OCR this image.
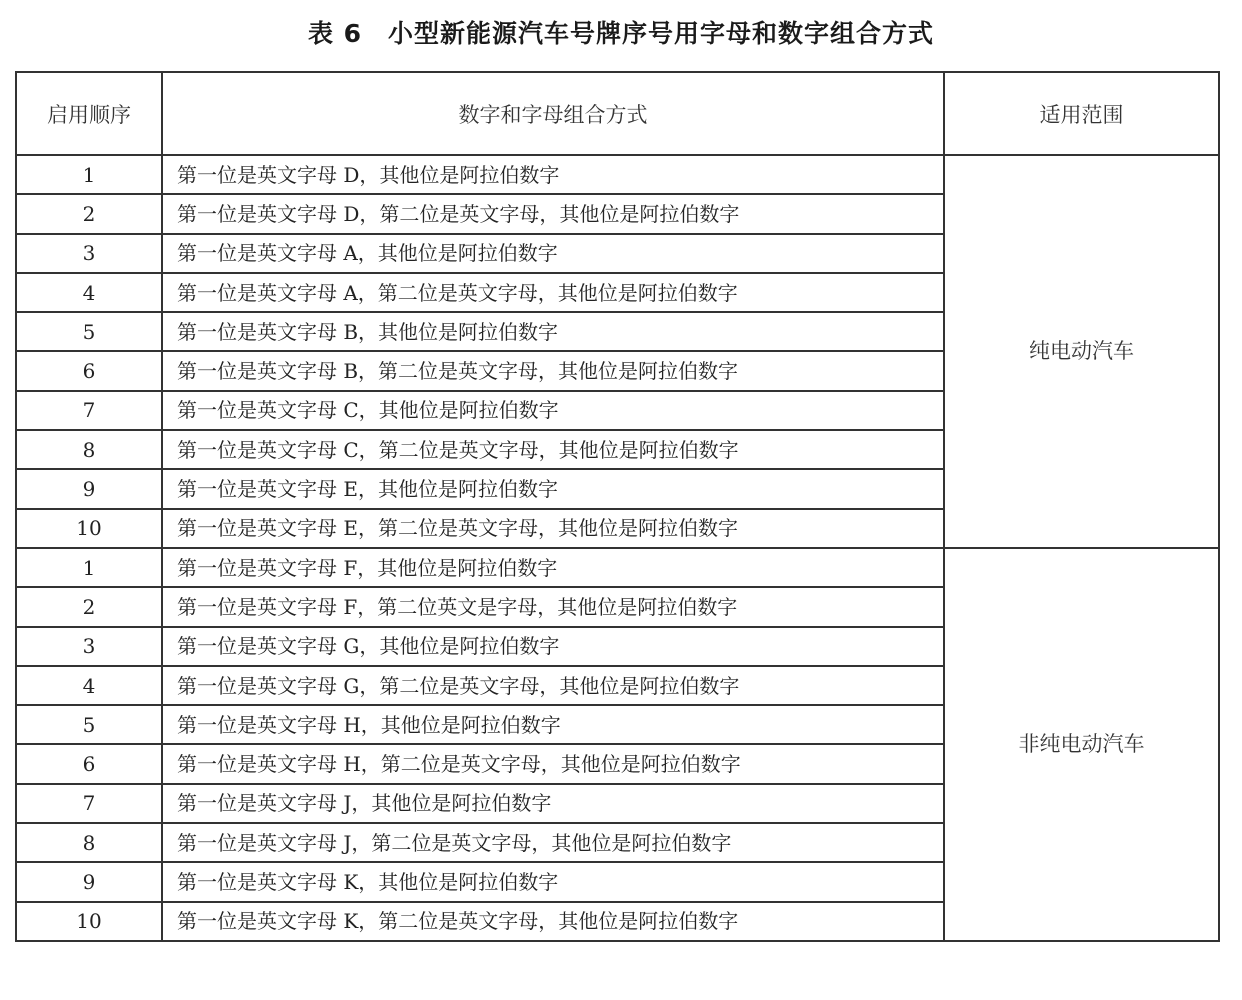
表 6　小型新能源汽车号牌序号用字母和数字组合方式
启用顺序	数字和字母组合方式	适用范围
1	第一位是英文字母 D，其他位是阿拉伯数字	纯电动汽车
2	第一位是英文字母 D，第二位是英文字母，其他位是阿拉伯数字	
3	第一位是英文字母 A，其他位是阿拉伯数字	
4	第一位是英文字母 A，第二位是英文字母，其他位是阿拉伯数字	
5	第一位是英文字母 B，其他位是阿拉伯数字	
6	第一位是英文字母 B，第二位是英文字母，其他位是阿拉伯数字	
7	第一位是英文字母 C，其他位是阿拉伯数字	
8	第一位是英文字母 C，第二位是英文字母，其他位是阿拉伯数字	
9	第一位是英文字母 E，其他位是阿拉伯数字	
10	第一位是英文字母 E，第二位是英文字母，其他位是阿拉伯数字	
1	第一位是英文字母 F，其他位是阿拉伯数字	非纯电动汽车
2	第一位是英文字母 F，第二位英文是字母，其他位是阿拉伯数字	
3	第一位是英文字母 G，其他位是阿拉伯数字	
4	第一位是英文字母 G，第二位是英文字母，其他位是阿拉伯数字	
5	第一位是英文字母 H，其他位是阿拉伯数字	
6	第一位是英文字母 H，第二位是英文字母，其他位是阿拉伯数字	
7	第一位是英文字母 J，其他位是阿拉伯数字	
8	第一位是英文字母 J，第二位是英文字母，其他位是阿拉伯数字	
9	第一位是英文字母 K，其他位是阿拉伯数字	
10	第一位是英文字母 K，第二位是英文字母，其他位是阿拉伯数字	
